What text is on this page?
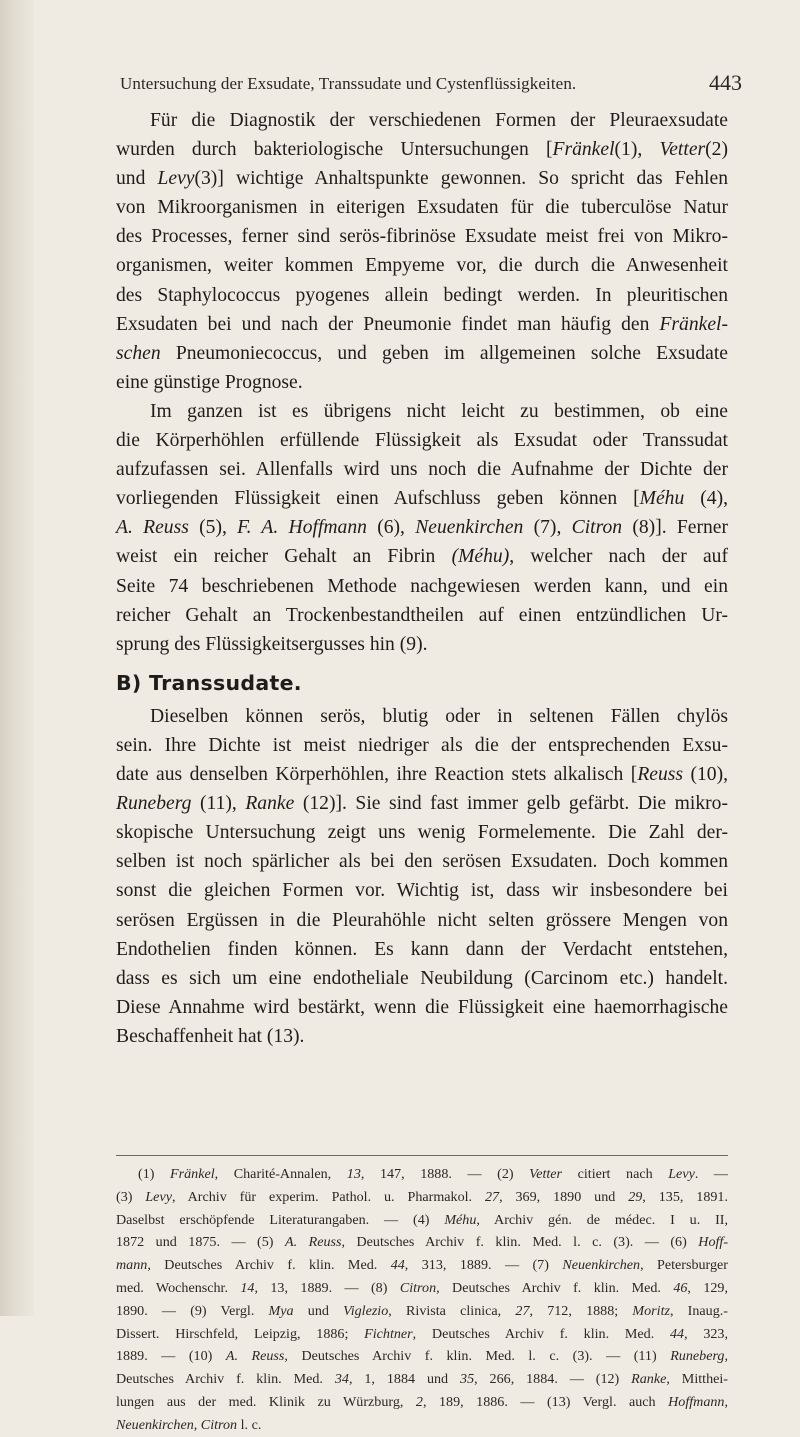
Untersuchung der Exsudate, Transsudate und Cystenflüssigkeiten.	443

Für die Diagnostik der verschiedenen Formen der Pleuraexsudate
wurden durch bakteriologische Untersuchungen [Fränkel(1), Vetter(2)
und Levy(3)] wichtige Anhaltspunkte gewonnen. So spricht das Fehlen
von Mikroorganismen in eiterigen Exsudaten für die tuberculöse Natur
des Processes, ferner sind serös-fibrinöse Exsudate meist frei von Mikro-
organismen, weiter kommen Empyeme vor, die durch die Anwesenheit
des Staphylococcus pyogenes allein bedingt werden. In pleuritischen
Exsudaten bei und nach der Pneumonie findet man häufig den Fränkel-
schen Pneumoniecoccus, und geben im allgemeinen solche Exsudate
eine günstige Prognose.

Im ganzen ist es übrigens nicht leicht zu bestimmen, ob eine
die Körperhöhlen erfüllende Flüssigkeit als Exsudat oder Transsudat
aufzufassen sei. Allenfalls wird uns noch die Aufnahme der Dichte der
vorliegenden Flüssigkeit einen Aufschluss geben können [Méhu (4),
A. Reuss (5), F. A. Hoffmann (6), Neuenkirchen (7), Citron (8)]. Ferner
weist ein reicher Gehalt an Fibrin (Méhu), welcher nach der auf
Seite 74 beschriebenen Methode nachgewiesen werden kann, und ein
reicher Gehalt an Trockenbestandtheilen auf einen entzündlichen Ur-
sprung des Flüssigkeitsergusses hin (9).

B) Transsudate.

Dieselben können serös, blutig oder in seltenen Fällen chylös
sein. Ihre Dichte ist meist niedriger als die der entsprechenden Exsu-
date aus denselben Körperhöhlen, ihre Reaction stets alkalisch [Reuss (10),
Runeberg (11), Ranke (12)]. Sie sind fast immer gelb gefärbt. Die mikro-
skopische Untersuchung zeigt uns wenig Formelemente. Die Zahl der-
selben ist noch spärlicher als bei den serösen Exsudaten. Doch kommen
sonst die gleichen Formen vor. Wichtig ist, dass wir insbesondere bei
serösen Ergüssen in die Pleurahöhle nicht selten grössere Mengen von
Endothelien finden können. Es kann dann der Verdacht entstehen,
dass es sich um eine endotheliale Neubildung (Carcinom etc.) handelt.
Diese Annahme wird bestärkt, wenn die Flüssigkeit eine haemorrhagische
Beschaffenheit hat (13).

(1) Fränkel, Charité-Annalen, 13, 147, 1888. — (2) Vetter citiert nach Levy. —
(3) Levy, Archiv für experim. Pathol. u. Pharmakol. 27, 369, 1890 und 29, 135, 1891.
Daselbst erschöpfende Literaturangaben. — (4) Méhu, Archiv gén. de médec. I u. II,
1872 und 1875. — (5) A. Reuss, Deutsches Archiv f. klin. Med. l. c. (3). — (6) Hoff-
mann, Deutsches Archiv f. klin. Med. 44, 313, 1889. — (7) Neuenkirchen, Petersburger
med. Wochenschr. 14, 13, 1889. — (8) Citron, Deutsches Archiv f. klin. Med. 46, 129,
1890. — (9) Vergl. Mya und Viglezio, Rivista clinica, 27, 712, 1888; Moritz, Inaug.-
Dissert. Hirschfeld, Leipzig, 1886; Fichtner, Deutsches Archiv f. klin. Med. 44, 323,
1889. — (10) A. Reuss, Deutsches Archiv f. klin. Med. l. c. (3). — (11) Runeberg,
Deutsches Archiv f. klin. Med. 34, 1, 1884 und 35, 266, 1884. — (12) Ranke, Mitthei-
lungen aus der med. Klinik zu Würzburg, 2, 189, 1886. — (13) Vergl. auch Hoffmann,
Neuenkirchen, Citron l. c.
